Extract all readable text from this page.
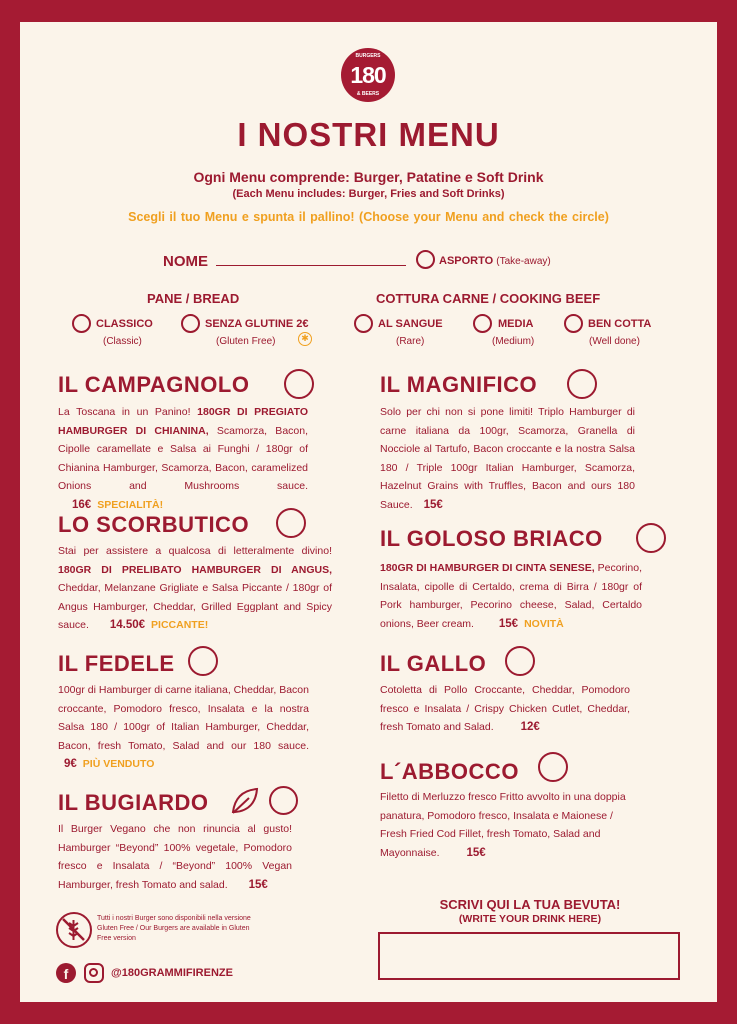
BURGERS
180
& BEERS
I NOSTRI MENU
Ogni Menu comprende: Burger, Patatine e Soft Drink
(Each Menu includes: Burger, Fries and Soft Drinks)
Scegli il tuo Menu e spunta il pallino! (Choose your Menu and check the circle)
NOME	ASPORTO (Take-away)
PANE / BREAD
CLASSICO
(Classic)
SENZA GLUTINE 2€
(Gluten Free)	✱
COTTURA CARNE / COOKING BEEF
AL SANGUE
(Rare)
MEDIA
(Medium)
BEN COTTA
(Well done)
IL CAMPAGNOLO
La Toscana in un Panino! 180GR DI PREGIATO HAMBURGER DI CHIANINA, Scamorza, Bacon, Cipolle caramellate e Salsa ai Funghi / 180gr of Chianina Hamburger, Scamorza, Bacon, caramelized Onions and Mushrooms sauce. 16€ SPECIALITÀ!
LO SCORBUTICO
Stai per assistere a qualcosa di letteralmente divino! 180GR DI PRELIBATO HAMBURGER DI ANGUS, Cheddar, Melanzane Grigliate e Salsa Piccante / 180gr of Angus Hamburger, Cheddar, Grilled Eggplant and Spicy sauce. 14.50€ PICCANTE!
IL FEDELE
100gr di Hamburger di carne italiana, Cheddar, Bacon croccante, Pomodoro fresco, Insalata e la nostra Salsa 180 / 100gr of Italian Hamburger, Cheddar, Bacon, fresh Tomato, Salad and our 180 sauce. 9€ PIÙ VENDUTO
IL BUGIARDO
Il Burger Vegano che non rinuncia al gusto! Hamburger “Beyond” 100% vegetale, Pomodoro fresco e Insalata / “Beyond” 100% Vegan Hamburger, fresh Tomato and salad. 15€
IL MAGNIFICO
Solo per chi non si pone limiti! Triplo Hamburger di carne italiana da 100gr, Scamorza, Granella di Nocciole al Tartufo, Bacon croccante e la nostra Salsa 180 / Triple 100gr Italian Hamburger, Scamorza, Hazelnut Grains with Truffles, Bacon and ours 180 Sauce. 15€
IL GOLOSO BRIACO
180GR DI HAMBURGER DI CINTA SENESE, Pecorino, Insalata, cipolle di Certaldo, crema di Birra / 180gr of Pork hamburger, Pecorino cheese, Salad, Certaldo onions, Beer cream. 15€ NOVITÀ
IL GALLO
Cotoletta di Pollo Croccante, Cheddar, Pomodoro fresco e Insalata / Crispy Chicken Cutlet, Cheddar, fresh Tomato and Salad. 12€
L´ABBOCCO
Filetto di Merluzzo fresco Fritto avvolto in una doppia panatura, Pomodoro fresco, Insalata e Maionese / Fresh Fried Cod Fillet, fresh Tomato, Salad and Mayonnaise. 15€
Tutti i nostri Burger sono disponibili nella versione Gluten Free / Our Burgers are available in Gluten Free version
f	@180GRAMMIFIRENZE
SCRIVI QUI LA TUA BEVUTA!
(WRITE YOUR DRINK HERE)
